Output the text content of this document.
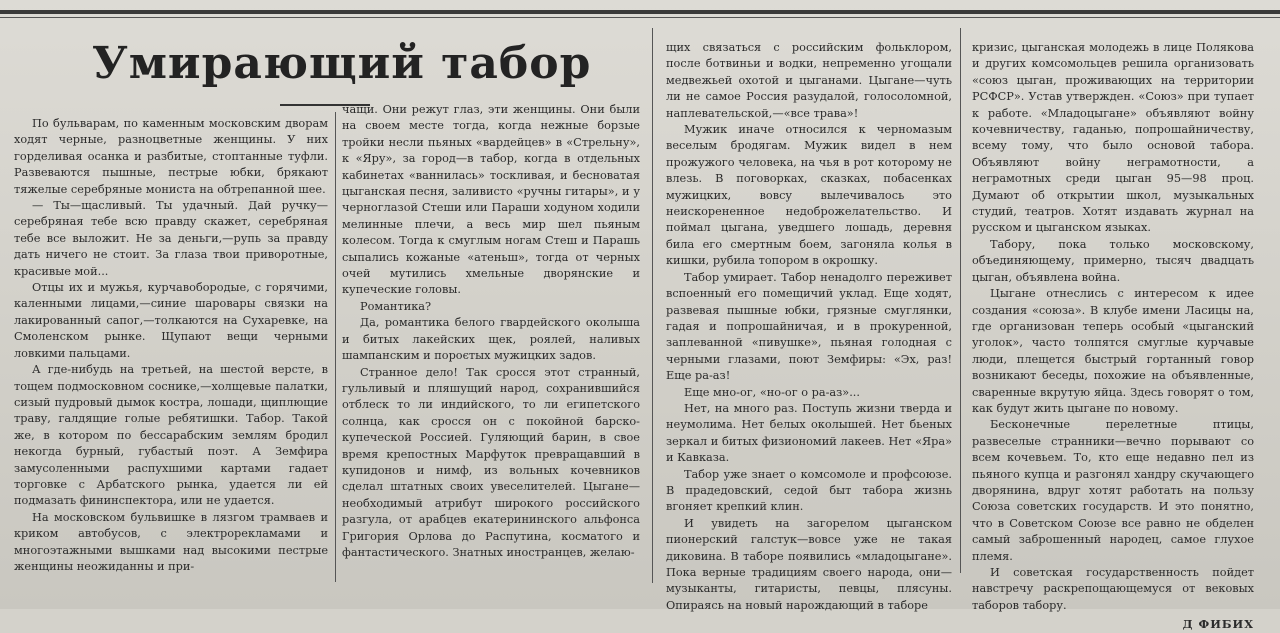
Умирающий табор

По бульварам, по каменным московским дворам ходят черные, разноцветные женщины. У них горделивая осанка и разбитые, стоптанные туфли. Развеваются пышные, пестрые юбки, брякают тяжелые серебряные мониста на обтрепанной шее.

— Ты—щасливый. Ты удачный. Дай ручку—серебряная тебе всю правду скажет, серебряная тебе все выложит. Не за деньги,—рупь за правду дать ничего не стоит. За глаза твои приворотные, красивые мой...

Отцы их и мужья, курчавобородые, с горячими, каленными лицами,—синие шаровары связки на лакированный сапог,—толкаются на Сухаревке, на Смоленском рынке. Щупают вещи черными ловкими пальцами.

А где-нибудь на третьей, на шестой версте, в тощем подмосковном соснике,—холщевые палатки, сизый пудровый дымок костра, лошади, щиплющие траву, галдящие голые ребятишки. Табор. Такой же, в котором по бессарабским землям бродил некогда бурный, губастый поэт. А Земфира замусоленными распухшими картами гадает торговке с Арбатского рынка, удается ли ей подмазать фининспектора, или не удается.

На московском бульвишке в лязгом трамваев и криком автобусов, с электрорекламами и многоэтажными вышками над высокими пестрые женщины неожиданны и при-

чащи. Они режут глаз, эти женщины. Они были на своем месте тогда, когда нежные борзые тройки несли пьяных «вардейцев» в «Стрельну», к «Яру», за город—в табор, когда в отдельных кабинетах «ваннилась» тоскливая, и бесноватая цыганская песня, заливисто «ручны гитары», и у черноглазой Стеши или Параши ходуном ходили мелинные плечи, а весь мир шел пьяным колесом. Тогда к смуглым ногам Стеш и Парашь сыпались кожаные «атеньш», тогда от черных очей мутились хмельные дворянские и купеческие головы.

Романтика?

Да, романтика белого гвардейского околыша и битых лакейских щек, роялей, наливых шампанским и пороєтых мужицких задов.

Странное дело! Так сросся этот странный, гульливый и пляшущий народ, сохранившийся отблеск то ли индийского, то ли египетского солнца, как сросся он с покойной барско-купеческой Россией. Гуляющий барин, в свое время крепостных Марфуток превращавший в купидонов и нимф, из вольных кочевников сделал штатных своих увеселителей. Цыгане—необходимый атрибут широкого российского разгула, от арабцев екатерининского альфонса Григория Орлова до Распутина, косматого и фантастического. Знатных иностранцев, желаю-

щих связаться с российским фольклором, после ботвиньи и водки, непременно угощали медвежьей охотой и цыганами. Цыгане—чуть ли не самое Россия разудалой, голосоломной, наплевательской,—«все трава»!

Мужик иначе относился к черномазым веселым бродягам. Мужик видел в нем прожужого человека, на чья в рот которому не влезь. В поговорках, сказках, побасенках мужицких, вовсу вылечивалось это неискорененное недоброжелательство. И поймал цыгана, уведшего лошадь, деревня била его смертным боем, загоняла колья в кишки, рубила топором в окрошку.

Табор умирает. Табор ненадолго переживет вспоенный его помещичий уклад. Еще ходят, развевая пышные юбки, грязные смуглянки, гадая и попрошайничая, и в прокуренной, заплеванной «пивушке», пьяная голодная с черными глазами, поют Земфиры: «Эх, раз! Еще ра-аз!

Еще мно-ог, «но-ог о ра-аз»...

Нет, на много раз. Поступь жизни тверда и неумолима. Нет белых околышей. Нет бьеных зеркал и битых физиономий лакеев. Нет «Яра» и Кавказа.

Табор уже знает о комсомоле и профсоюзе. В прадедовский, седой быт табора жизнь вгоняет крепкий клин.

И увидеть на загорелом цыганском пионерский галстук—вовсе уже не такая диковина. В таборе появились «младоцыгане». Пока верные традициям своего народа, они—музыканты, гитаристы, певцы, плясуны. Опираясь на новый нарождающий в таборе

кризис, цыганская молодежь в лице Полякова и других комсомольцев решила организовать «союз цыган, проживающих на территории РСФСР». Устав утвержден. «Союз» при тупает к работе. «Младоцыгане» объявляют войну кочевничеству, гаданью, попрошайничеству, всему тому, что было основой табора. Объявляют войну неграмотности, а неграмотных среди цыган 95—98 проц. Думают об открытии школ, музыкальных студий, театров. Хотят издавать журнал на русском и цыганском языках.

Табору, пока только московскому, объединяющему, примерно, тысяч двадцать цыган, объявлена война.

Цыгане отнеслись с интересом к идее создания «союза». В клубе имени Ласицы на, где организован теперь особый «цыганский уголок», часто толпятся смуглые курчавые люди, плещется быстрый гортанный говор возникают беседы, похожие на объявленные, сваренные вкрутую яйца. Здесь говорят о том, как будут жить цыгане по новому.

Бесконечные перелетные птицы, развеселые странники—вечно порывают со всем кочевьем. То, кто еще недавно пел из пьяного купца и разгонял хандру скучающего дворянина, вдруг хотят работать на пользу Союза советских государств. И это понятно, что в Советском Союзе все равно не обделен самый заброшенный народец, самое глухое племя.

И советская государственность пойдет навстречу раскрепощающемуся от вековых таборов табору.

Д ФИБИХ
